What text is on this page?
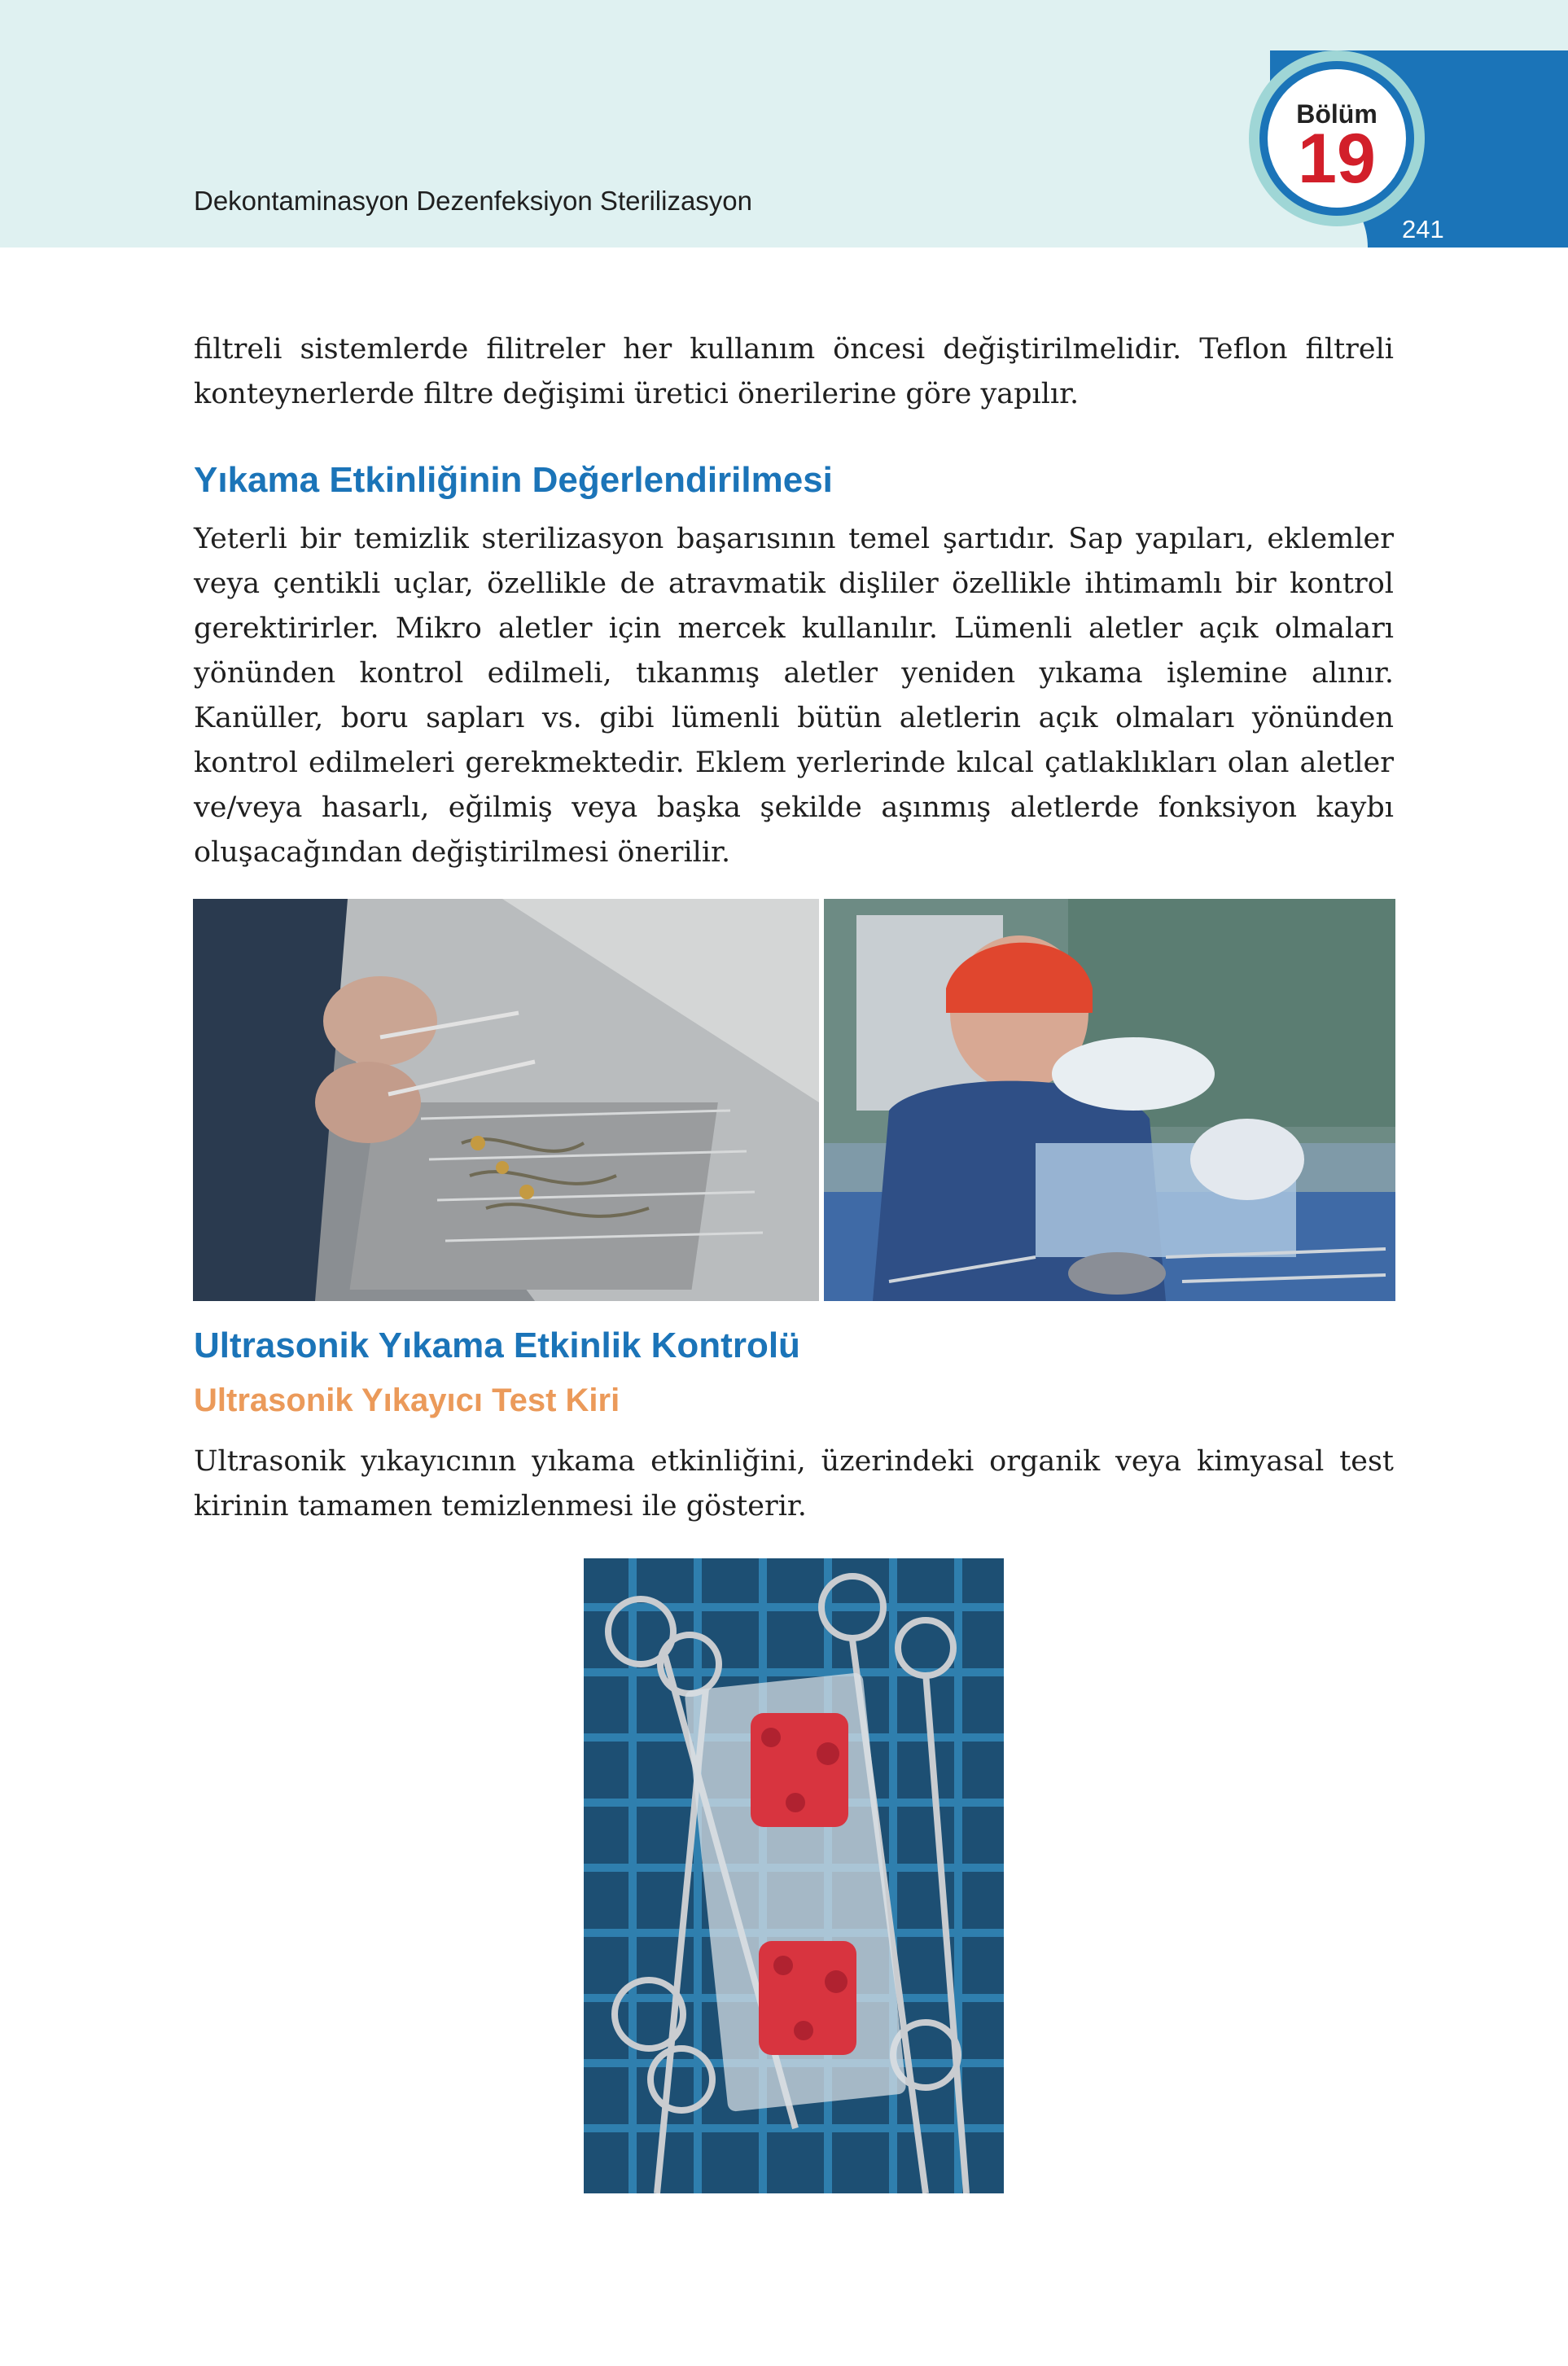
Dekontaminasyon Dezenfeksiyon Sterilizasyon
Bölüm
19
241

filtreli sistemlerde filitreler her kullanım öncesi değiştirilmelidir. Teflon filtreli konteynerlerde filtre değişimi üretici önerilerine göre yapılır.

Yıkama Etkinliğinin Değerlendirilmesi

Yeterli bir temizlik sterilizasyon başarısının temel şartıdır. Sap yapıları, eklemler veya çentikli uçlar, özellikle de atravmatik dişliler özellikle ihtimamlı bir kontrol gerektirirler. Mikro aletler için mercek kullanılır. Lümenli aletler açık olmaları yönünden kontrol edilmeli, tıkanmış aletler yeniden yıkama işlemine alınır. Kanüller, boru sapları vs. gibi lümenli bütün aletlerin açık olmaları yönünden kontrol edilmeleri gerekmektedir. Eklem yerlerinde kılcal çatlaklıkları olan aletler ve/veya hasarlı, eğilmiş veya başka şekilde aşınmış aletlerde fonksiyon kaybı oluşacağından değiştirilmesi önerilir.

Ultrasonik Yıkama Etkinlik Kontrolü
Ultrasonik Yıkayıcı Test Kiri

Ultrasonik yıkayıcının yıkama etkinliğini, üzerindeki organik veya kimyasal test kirinin tamamen temizlenmesi ile gösterir.
